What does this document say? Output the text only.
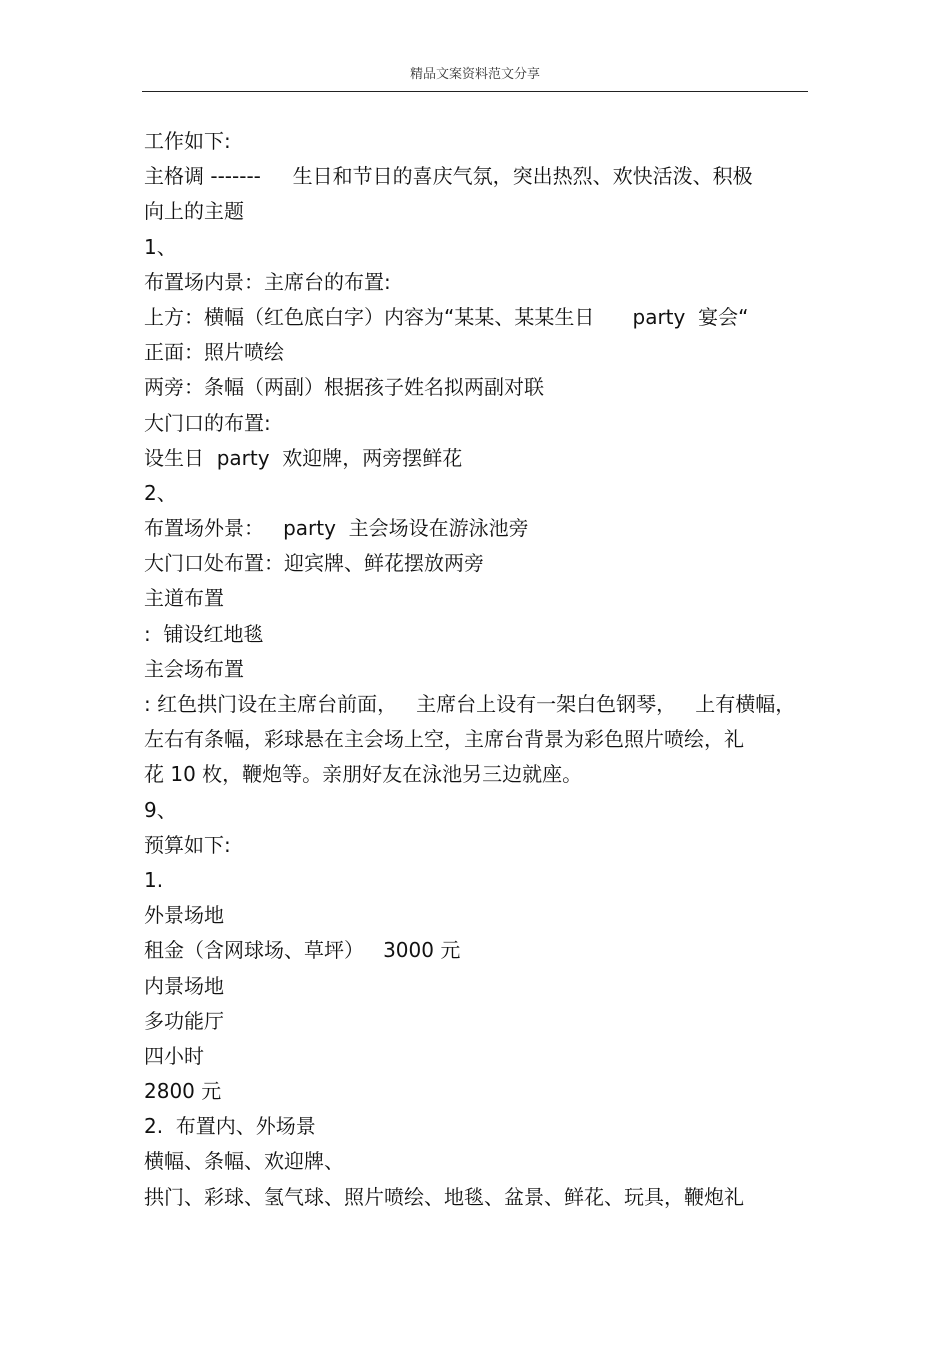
精品文案资料范文分享
工作如下:
主格调 -------     生日和节日的喜庆气氛，突出热烈、欢快活泼、积极
向上的主题
1、
布置场内景：主席台的布置:
上方：横幅（红色底白字）内容为“某某、某某生日      party  宴会“
正面：照片喷绘
两旁：条幅（两副）根据孩子姓名拟两副对联
大门口的布置:
设生日  party  欢迎牌，两旁摆鲜花
2、
布置场外景：   party  主会场设在游泳池旁
大门口处布置：迎宾牌、鲜花摆放两旁
主道布置
:  铺设红地毯
主会场布置
: 红色拱门设在主席台前面，   主席台上设有一架白色钢琴，   上有横幅，
左右有条幅，彩球悬在主会场上空，主席台背景为彩色照片喷绘，礼
花 10 枚，鞭炮等。亲朋好友在泳池另三边就座。
9、
预算如下:
1.
外景场地
租金（含网球场、草坪）   3000 元
内景场地
多功能厅
四小时
2800 元
2.  布置内、外场景
横幅、条幅、欢迎牌、
拱门、彩球、氢气球、照片喷绘、地毯、盆景、鲜花、玩具，鞭炮礼
